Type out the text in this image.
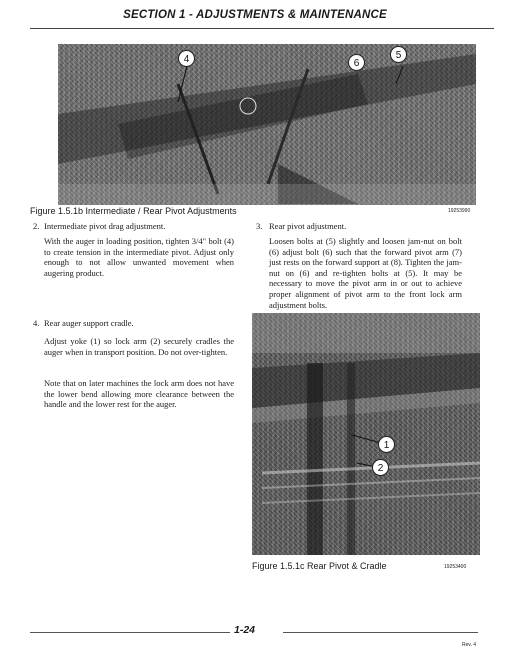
SECTION 1 - ADJUSTMENTS & MAINTENANCE
4	6
5
Figure 1.5.1b Intermediate / Rear Pivot Adjustments	19253990
2. Intermediate pivot drag adjustment.
With the auger in loading position, tighten 3/4" bolt (4) to create tension in the intermediate pivot. Adjust only enough to not allow unwanted movement when augering product.
3. Rear pivot adjustment.
Loosen bolts at (5) slightly and loosen jam-nut on bolt (6) adjust bolt (6) such that the forward pivot arm (7) just rests on the forward support at (8). Tighten the jam-nut on (6) and re-tighten bolts at (5). It may be necessary to move the pivot arm in or out to achieve proper alignment of pivot arm to the front lock arm adjustment bolts.
4. Rear auger support cradle.
Adjust yoke (1) so lock arm (2) securely cradles the auger when in transport position. Do not over-tighten.
Note that on later machines the lock arm does not have the lower bend allowing more clearance between the handle and the lower rest for the auger.
1
2
Figure 1.5.1c Rear Pivot & Cradle	19253400
1-24
Rev. 4
